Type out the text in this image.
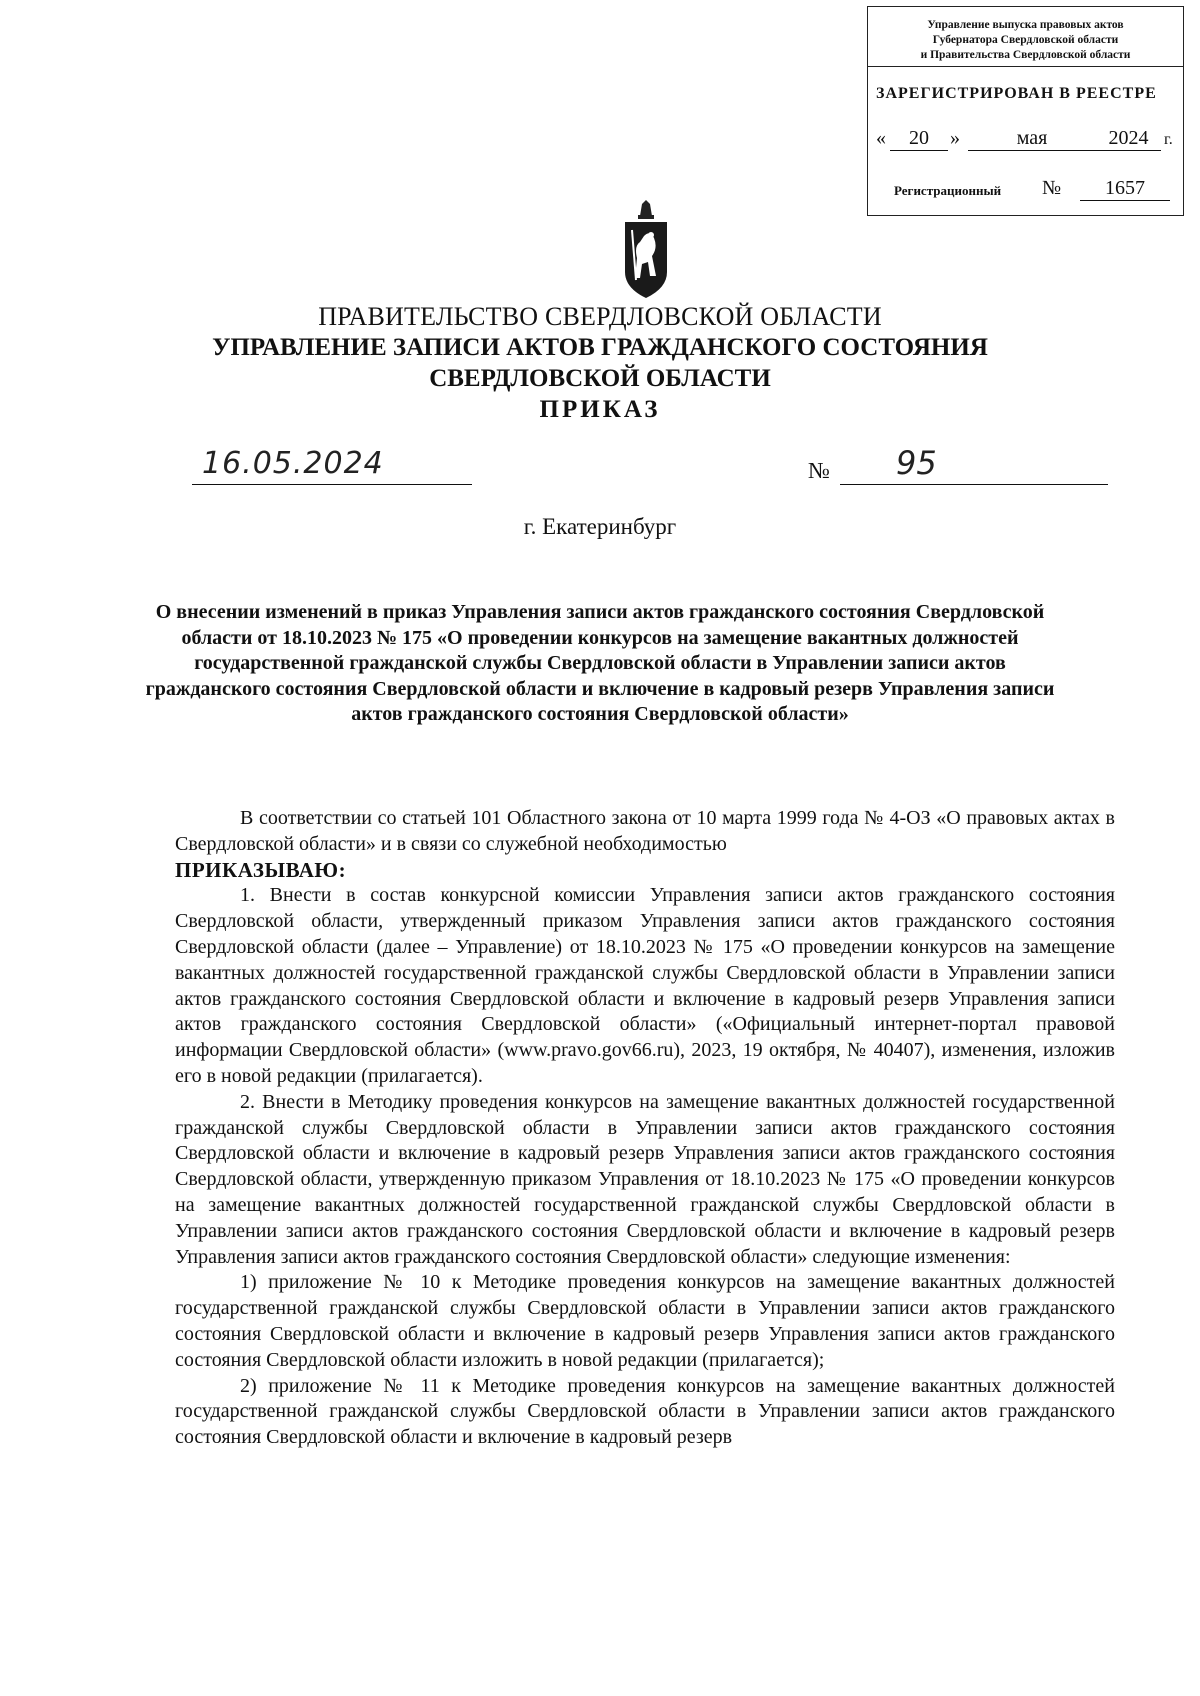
Управление выпуска правовых актов
Губернатора Свердловской области
и Правительства Свердловской области
ЗАРЕГИСТРИРОВАН В РЕЕСТРЕ
«	20	»	мая	2024 г.
Регистрационный №	1657
ПРАВИТЕЛЬСТВО СВЕРДЛОВСКОЙ ОБЛАСТИ
УПРАВЛЕНИЕ ЗАПИСИ АКТОВ ГРАЖДАНСКОГО СОСТОЯНИЯ
СВЕРДЛОВСКОЙ ОБЛАСТИ
ПРИКАЗ
16.05.2024	№ 95
г. Екатеринбург
О внесении изменений в приказ Управления записи актов гражданского состояния Свердловской области от 18.10.2023 № 175 «О проведении конкурсов на замещение вакантных должностей государственной гражданской службы Свердловской области в Управлении записи актов гражданского состояния Свердловской области и включение в кадровый резерв Управления записи актов гражданского состояния Свердловской области»

В соответствии со статьей 101 Областного закона от 10 марта 1999 года № 4-ОЗ «О правовых актах в Свердловской области» и в связи со служебной необходимостью

ПРИКАЗЫВАЮ:

1. Внести в состав конкурсной комиссии Управления записи актов гражданского состояния Свердловской области, утвержденный приказом Управления записи актов гражданского состояния Свердловской области (далее – Управление) от 18.10.2023 № 175 «О проведении конкурсов на замещение вакантных должностей государственной гражданской службы Свердловской области в Управлении записи актов гражданского состояния Свердловской области и включение в кадровый резерв Управления записи актов гражданского состояния Свердловской области» («Официальный интернет-портал правовой информации Свердловской области» (www.pravo.gov66.ru), 2023, 19 октября, № 40407), изменения, изложив его в новой редакции (прилагается).

2. Внести в Методику проведения конкурсов на замещение вакантных должностей государственной гражданской службы Свердловской области в Управлении записи актов гражданского состояния Свердловской области и включение в кадровый резерв Управления записи актов гражданского состояния Свердловской области, утвержденную приказом Управления от 18.10.2023 № 175 «О проведении конкурсов на замещение вакантных должностей государственной гражданской службы Свердловской области в Управлении записи актов гражданского состояния Свердловской области и включение в кадровый резерв Управления записи актов гражданского состояния Свердловской области» следующие изменения:

1) приложение № 10 к Методике проведения конкурсов на замещение вакантных должностей государственной гражданской службы Свердловской области в Управлении записи актов гражданского состояния Свердловской области и включение в кадровый резерв Управления записи актов гражданского состояния Свердловской области изложить в новой редакции (прилагается);

2) приложение № 11 к Методике проведения конкурсов на замещение вакантных должностей государственной гражданской службы Свердловской области в Управлении записи актов гражданского состояния Свердловской области и включение в кадровый резерв
